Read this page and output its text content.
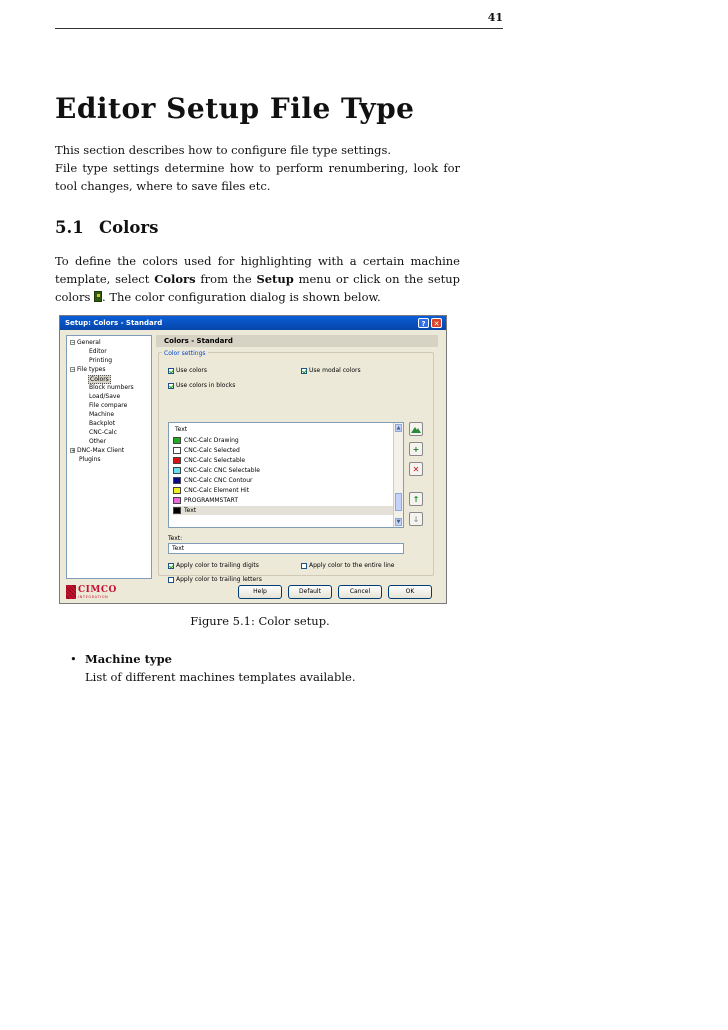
41
Editor Setup File Type

This section describes how to configure file type settings.

File type settings determine how to perform renumbering, look for tool changes, where to save files etc.

5.1 Colors

To define the colors used for highlighting with a certain machine template, select Colors from the Setup menu or click on the setup colors . The color configuration dialog is shown below.

Setup: Colors - Standard	?	✕
− General
Editor
Printing
− File types
Colors
Block numbers
Load/Save
File compare
Machine
Backplot
CNC-Calc
Other
+ DNC-Max Client
Plugins
Colors - Standard
Color settings
Use colors	Use modal colors
Use colors in blocks
Text
CNC-Calc Drawing
CNC-Calc Selected
CNC-Calc Selectable
CNC-Calc CNC Selectable
CNC-Calc CNC Contour
CNC-Calc Element Hit
PROGRAMMSTART
Text
▲
▼
+
✕
↑
↓
Text:
Text
Apply color to trailing digits	Apply color to the entire line
Apply color to trailing letters
CIMCO
INTEGRATION
Help	Default	Cancel	OK

Figure 5.1: Color setup.

• Machine type
List of different machines templates available.
